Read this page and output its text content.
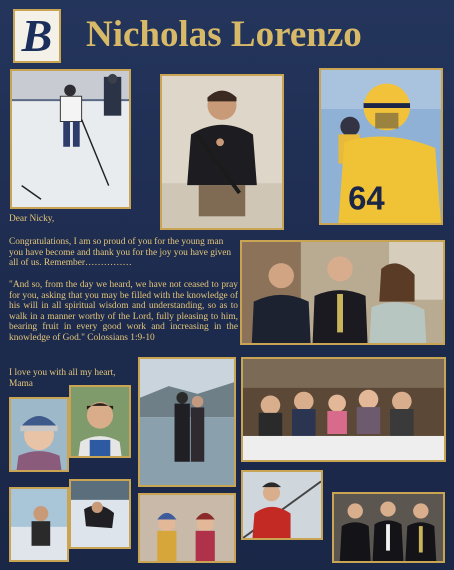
B Nicholas Lorenzo
64
Dear Nicky,
Congratulations, I am so proud of you for the young man you have become and thank you for the joy you have given all of us. Remember……………
"And so, from the day we heard, we have not ceased to pray for you, asking that you may be filled with the knowledge of his will in all spiritual wisdom and understanding, so as to walk in a manner worthy of the Lord, fully pleasing to him, bearing fruit in every good work and increasing in the knowledge of God." Colossians 1:9-10

I love you with all my heart,

Mama
